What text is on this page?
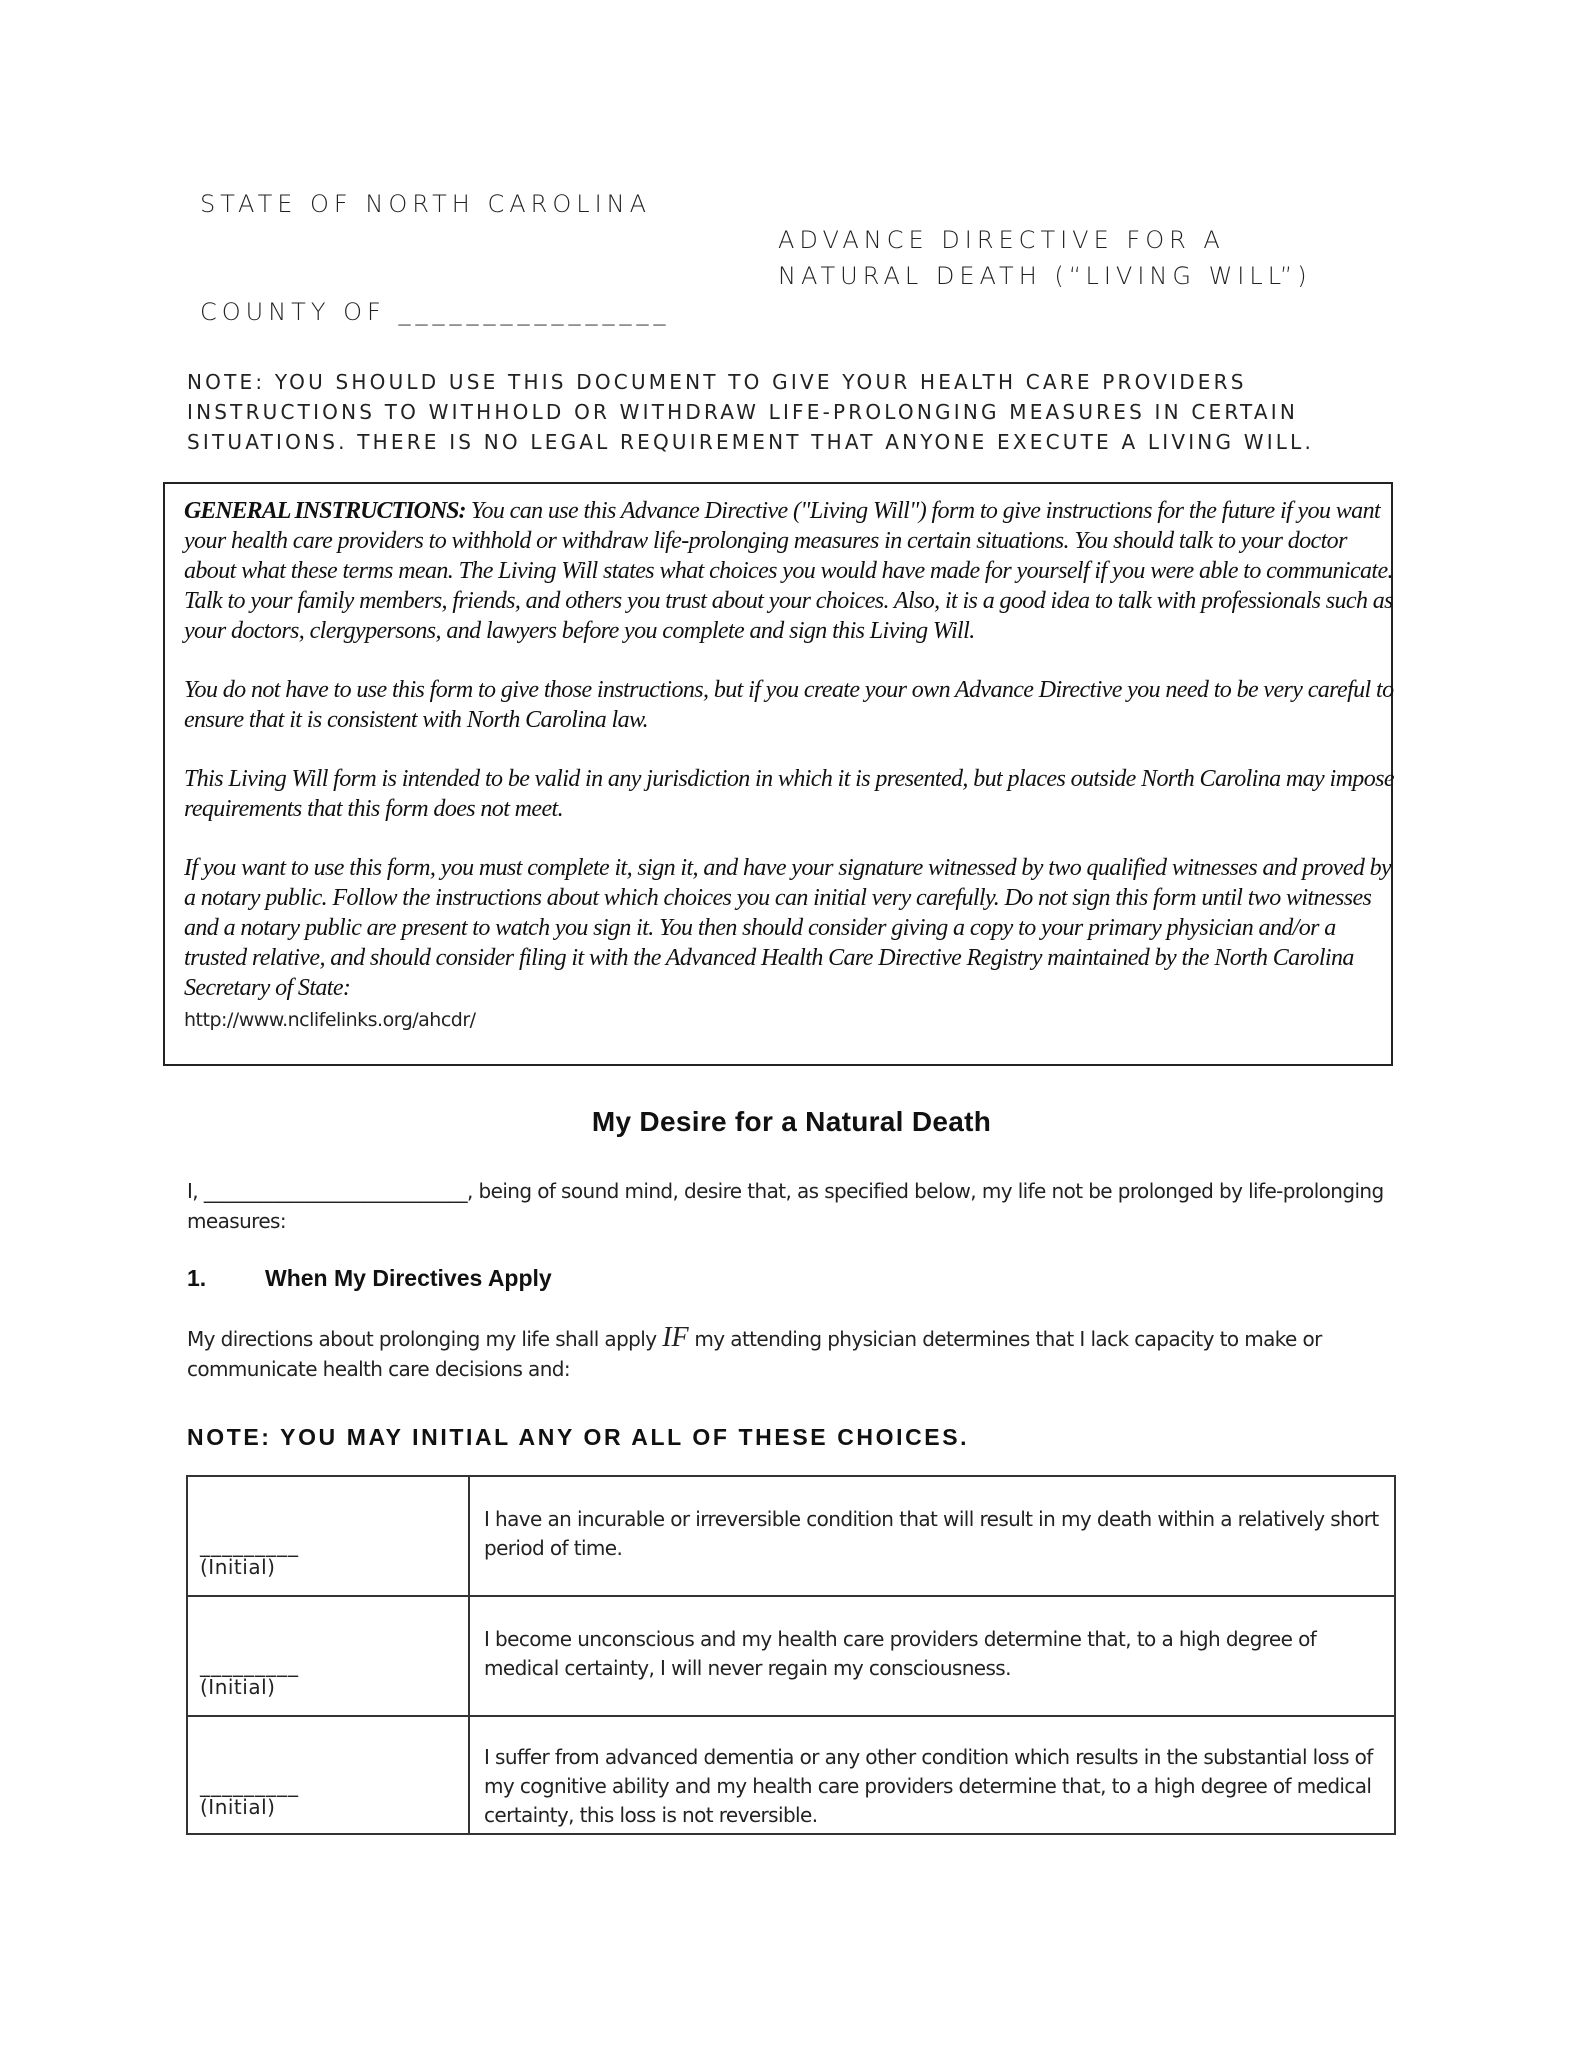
STATE OF NORTH CAROLINA
ADVANCE DIRECTIVE FOR A
NATURAL DEATH (“LIVING WILL”)
COUNTY OF ________________
NOTE: YOU SHOULD USE THIS DOCUMENT TO GIVE YOUR HEALTH CARE PROVIDERS INSTRUCTIONS TO WITHHOLD OR WITHDRAW LIFE-PROLONGING MEASURES IN CERTAIN SITUATIONS. THERE IS NO LEGAL REQUIREMENT THAT ANYONE EXECUTE A LIVING WILL.

GENERAL INSTRUCTIONS: You can use this Advance Directive ("Living Will") form to give instructions for the future if you want your health care providers to withhold or withdraw life-prolonging measures in certain situations. You should talk to your doctor about what these terms mean. The Living Will states what choices you would have made for yourself if you were able to communicate. Talk to your family members, friends, and others you trust about your choices. Also, it is a good idea to talk with professionals such as your doctors, clergypersons, and lawyers before you complete and sign this Living Will.

You do not have to use this form to give those instructions, but if you create your own Advance Directive you need to be very careful to ensure that it is consistent with North Carolina law.

This Living Will form is intended to be valid in any jurisdiction in which it is presented, but places outside North Carolina may impose requirements that this form does not meet.

If you want to use this form, you must complete it, sign it, and have your signature witnessed by two qualified witnesses and proved by a notary public. Follow the instructions about which choices you can initial very carefully. Do not sign this form until two witnesses and a notary public are present to watch you sign it. You then should consider giving a copy to your primary physician and/or a trusted relative, and should consider filing it with the Advanced Health Care Directive Registry maintained by the North Carolina Secretary of State:
http://www.nclifelinks.org/ahcdr/

My Desire for a Natural Death
I, ____________________________, being of sound mind, desire that, as specified below, my life not be prolonged by life-prolonging measures:
1.	When My Directives Apply
My directions about prolonging my life shall apply IF my attending physician determines that I lack capacity to make or communicate health care decisions and:
NOTE: YOU MAY INITIAL ANY OR ALL OF THESE CHOICES.
_________
(Initial)	I have an incurable or irreversible condition that will result in my death within a relatively short period of time.

_________
(Initial)	I become unconscious and my health care providers determine that, to a high degree of medical certainty, I will never regain my consciousness.

_________
(Initial)	I suffer from advanced dementia or any other condition which results in the substantial loss of my cognitive ability and my health care providers determine that, to a high degree of medical certainty, this loss is not reversible.
